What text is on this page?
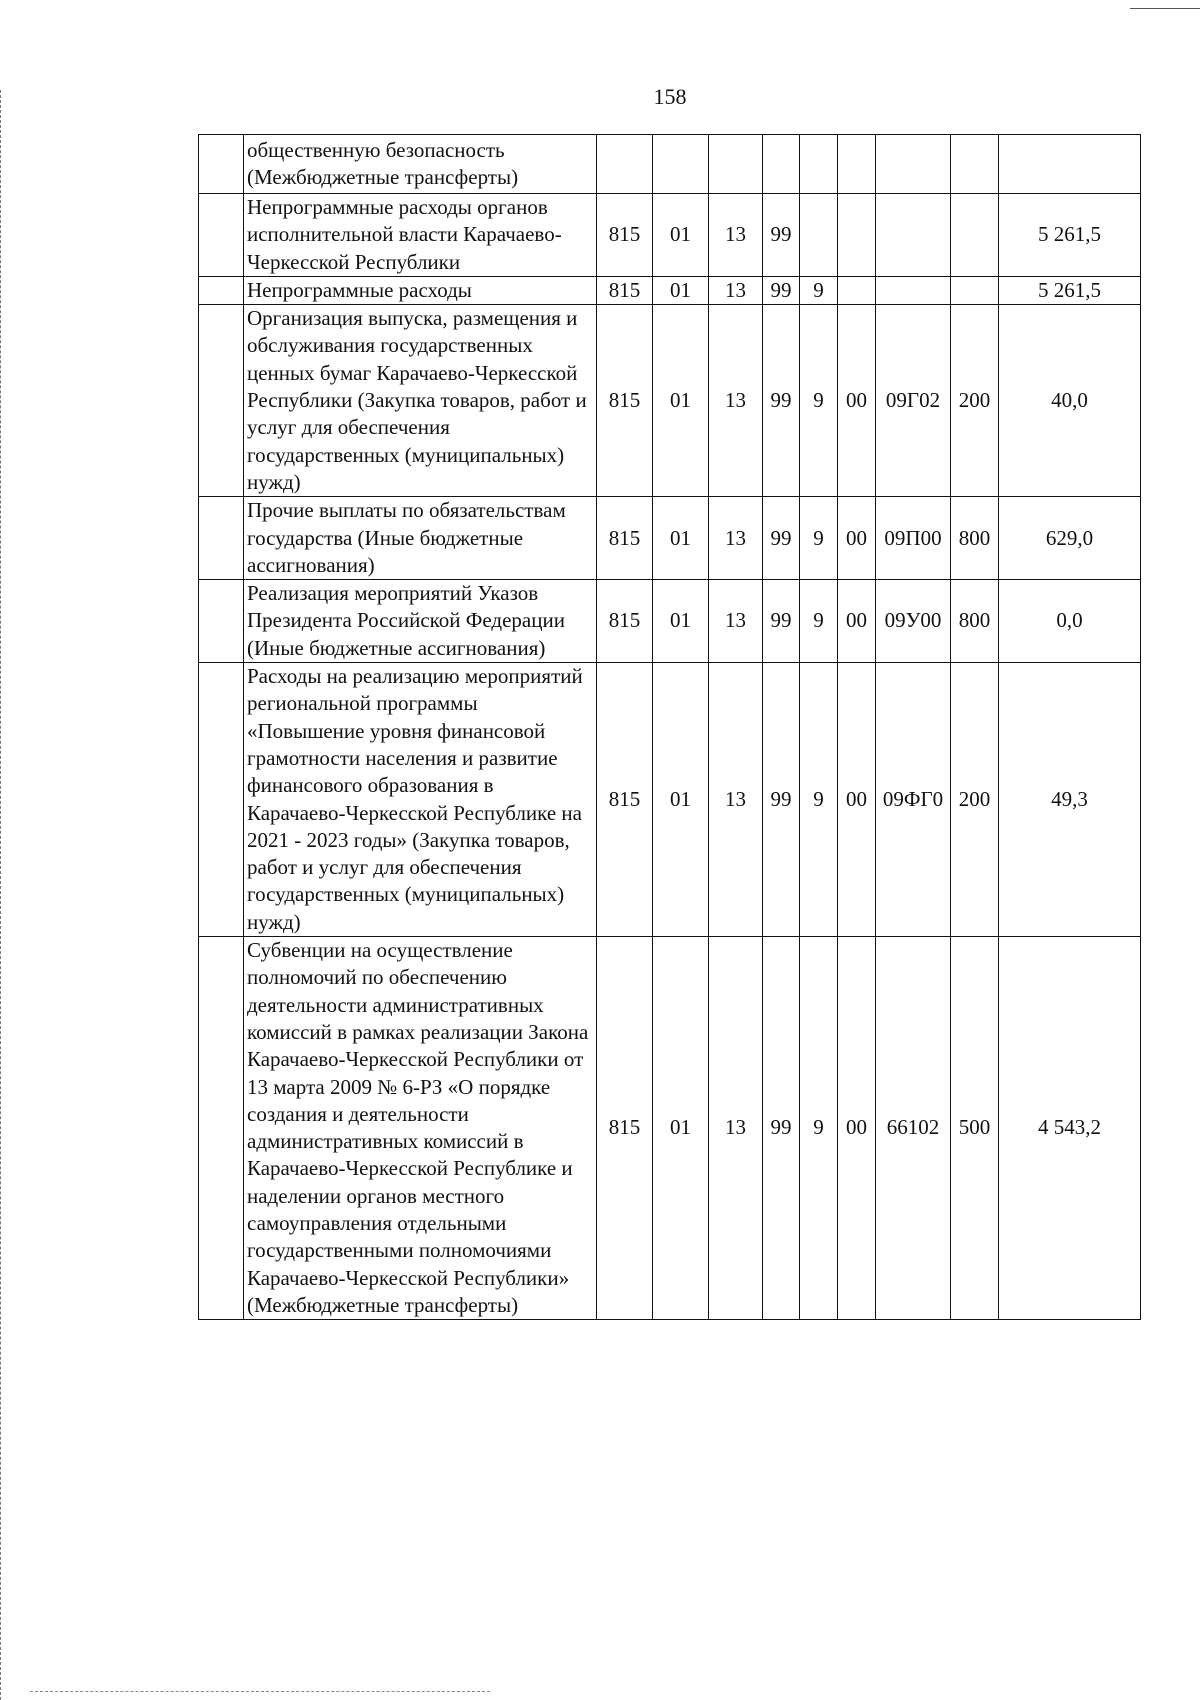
158
	общественную безопасность (Межбюджетные трансферты)									
	Непрограммные расходы органов исполнительной власти Карачаево-Черкесской Республики	815	01	13	99					5 261,5
	Непрограммные расходы	815	01	13	99	9				5 261,5
	Организация выпуска, размещения и обслуживания государственных ценных бумаг Карачаево-Черкесской Республики (Закупка товаров, работ и услуг для обеспечения государственных (муниципальных) нужд)	815	01	13	99	9	00	09Г02	200	40,0
	Прочие выплаты по обязательствам государства (Иные бюджетные ассигнования)	815	01	13	99	9	00	09П00	800	629,0
	Реализация мероприятий Указов Президента Российской Федерации (Иные бюджетные ассигнования)	815	01	13	99	9	00	09У00	800	0,0
	Расходы на реализацию мероприятий региональной программы «Повышение уровня финансовой грамотности населения и развитие финансового образования в Карачаево-Черкесской Республике на 2021 - 2023 годы» (Закупка товаров, работ и услуг для обеспечения государственных (муниципальных) нужд)	815	01	13	99	9	00	09ФГ0	200	49,3
	Субвенции на осуществление полномочий по обеспечению деятельности административных комиссий в рамках реализации Закона Карачаево-Черкесской Республики от 13 марта 2009 № 6-РЗ «О порядке создания и деятельности административных комиссий в Карачаево-Черкесской Республике и наделении органов местного самоуправления отдельными государственными полномочиями Карачаево-Черкесской Республики» (Межбюджетные трансферты)	815	01	13	99	9	00	66102	500	4 543,2
